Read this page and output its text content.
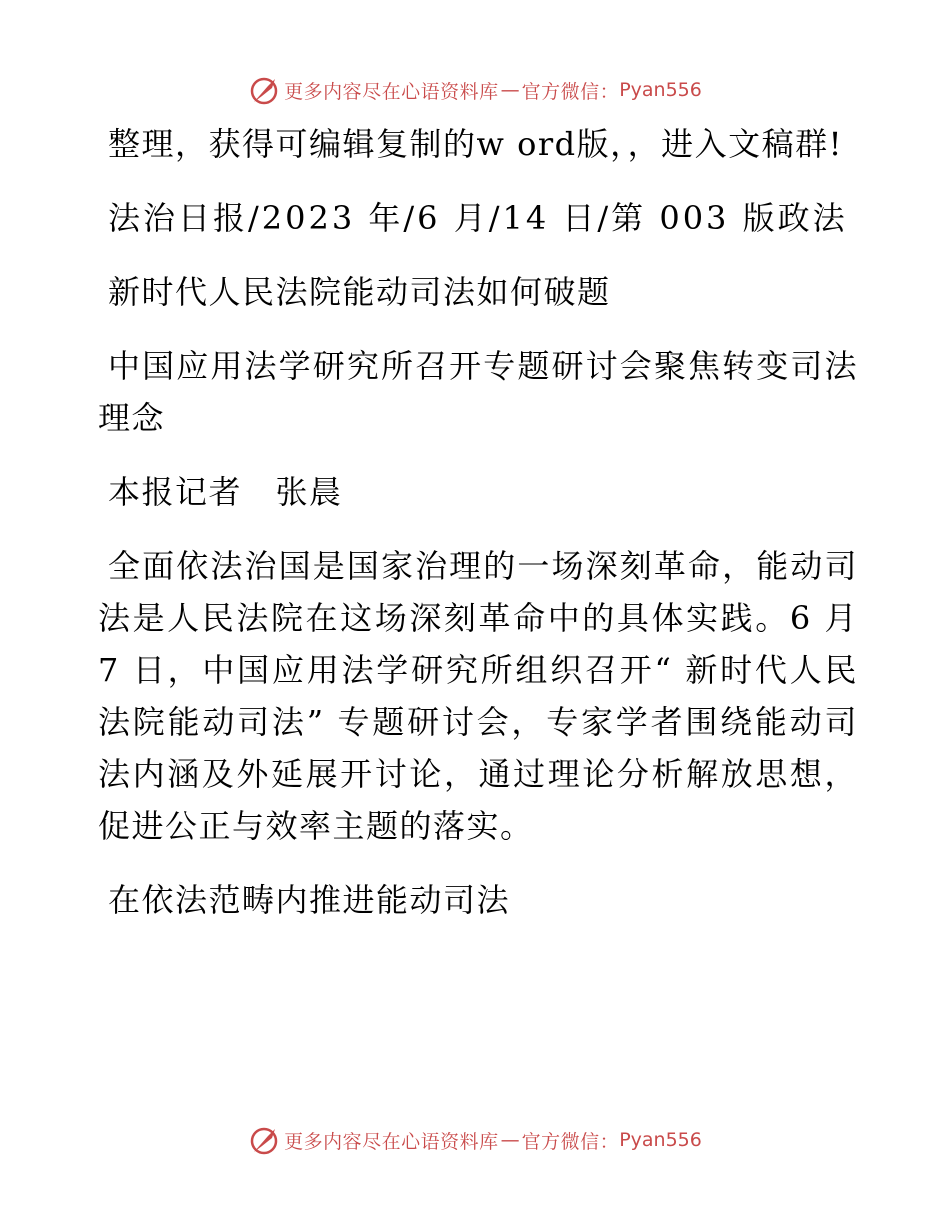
更多内容尽在心语资料库 — 官方微信： Pyan556

整理，获得可编辑复制的w ord版，，进入文稿群!

法治日报/2023 年/6 月/14 日/第 003 版政法

新时代人民法院能动司法如何破题

中国应用法学研究所召开专题研讨会聚焦转变司法理念

本报记者　张晨

全面依法治国是国家治理的一场深刻革命，能动司法是人民法院在这场深刻革命中的具体实践。6 月 7 日，中国应用法学研究所组织召开“ 新时代人民法院能动司法” 专题研讨会，专家学者围绕能动司法内涵及外延展开讨论，通过理论分析解放思想，促进公正与效率主题的落实。

在依法范畴内推进能动司法

更多内容尽在心语资料库 — 官方微信： Pyan556
